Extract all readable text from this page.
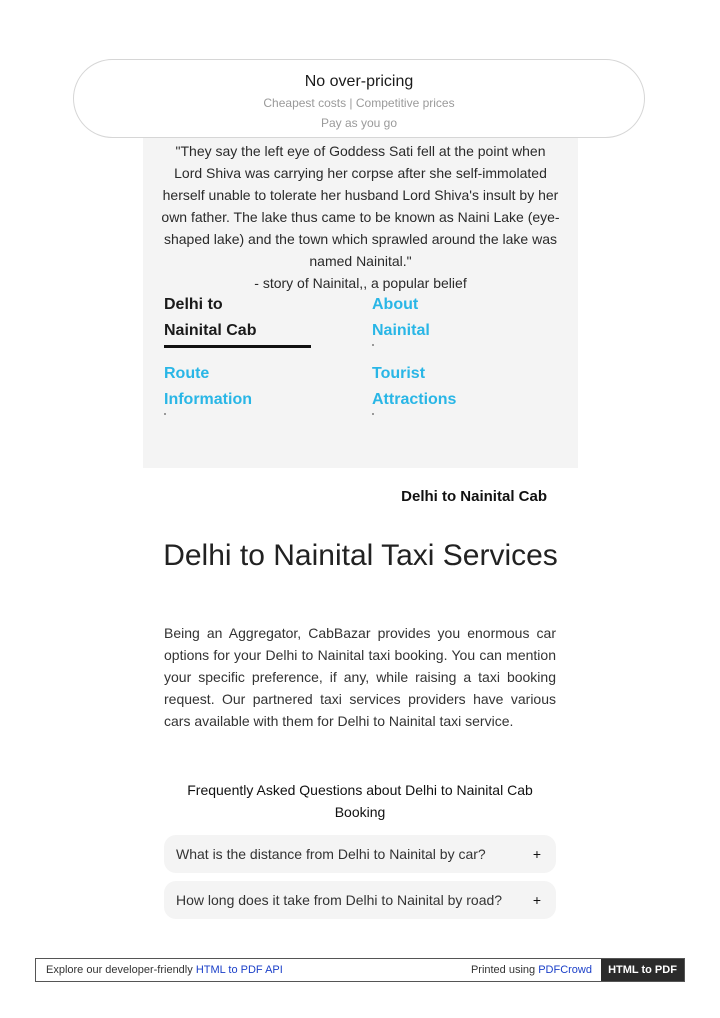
No over-pricing
Cheapest costs | Competitive prices
Pay as you go
"They say the left eye of Goddess Sati fell at the point when Lord Shiva was carrying her corpse after she self-immolated herself unable to tolerate her husband Lord Shiva's insult by her own father. The lake thus came to be known as Naini Lake (eye-shaped lake) and the town which sprawled around the lake was named Nainital."
- story of Nainital,, a popular belief
Delhi to
Nainital Cab
About
Nainital
Route
Information
Tourist
Attractions
Delhi to Nainital Cab
Delhi to Nainital Taxi Services
Being an Aggregator, CabBazar provides you enormous car options for your Delhi to Nainital taxi booking. You can mention your specific preference, if any, while raising a taxi booking request. Our partnered taxi services providers have various cars available with them for Delhi to Nainital taxi service.
Frequently Asked Questions about Delhi to Nainital Cab Booking
What is the distance from Delhi to Nainital by car?	+
How long does it take from Delhi to Nainital by road? +
Explore our developer-friendly HTML to PDF API	Printed using PDFCrowd	HTML to PDF
